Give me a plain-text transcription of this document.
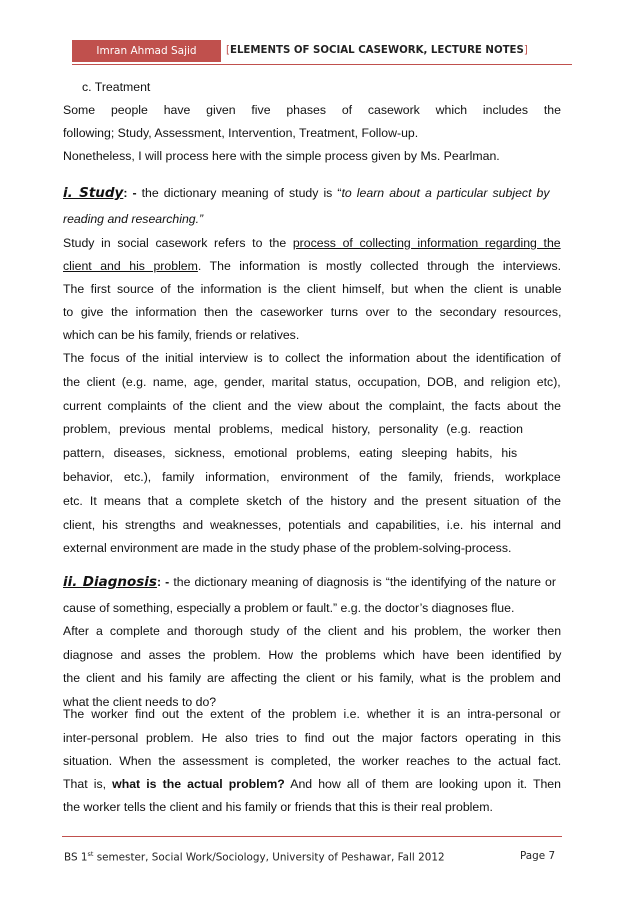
Imran Ahmad Sajid	[ELEMENTS OF SOCIAL CASEWORK, LECTURE NOTES]
c. Treatment
Some people have given five phases of casework which includes the
following; Study, Assessment, Intervention, Treatment, Follow-up.
Nonetheless, I will process here with the simple process given by Ms. Pearlman.
i. Study: - the dictionary meaning of study is “to learn about a particular subject by
reading and researching.”
Study in social casework refers to the process of collecting information regarding the
client and his problem. The information is mostly collected through the interviews.
The first source of the information is the client himself, but when the client is unable
to give the information then the caseworker turns over to the secondary resources,
which can be his family, friends or relatives.
The focus of the initial interview is to collect the information about the identification of
the client (e.g. name, age, gender, marital status, occupation, DOB, and religion etc),
current complaints of the client and the view about the complaint, the facts about the
problem, previous mental problems, medical history, personality (e.g. reaction
pattern, diseases, sickness, emotional problems, eating sleeping habits, his
behavior, etc.), family information, environment of the family, friends, workplace
etc. It means that a complete sketch of the history and the present situation of the
client, his strengths and weaknesses, potentials and capabilities, i.e. his internal and
external environment are made in the study phase of the problem-solving-process.
ii. Diagnosis: - the dictionary meaning of diagnosis is “the identifying of the nature or
cause of something, especially a problem or fault.” e.g. the doctor’s diagnoses flue.
After a complete and thorough study of the client and his problem, the worker then
diagnose and asses the problem. How the problems which have been identified by
the client and his family are affecting the client or his family, what is the problem and
what the client needs to do?
The worker find out the extent of the problem i.e. whether it is an intra-personal or
inter-personal problem. He also tries to find out the major factors operating in this
situation. When the assessment is completed, the worker reaches to the actual fact.
That is, what is the actual problem? And how all of them are looking upon it. Then
the worker tells the client and his family or friends that this is their real problem.
BS 1st semester, Social Work/Sociology, University of Peshawar, Fall 2012	Page 7
